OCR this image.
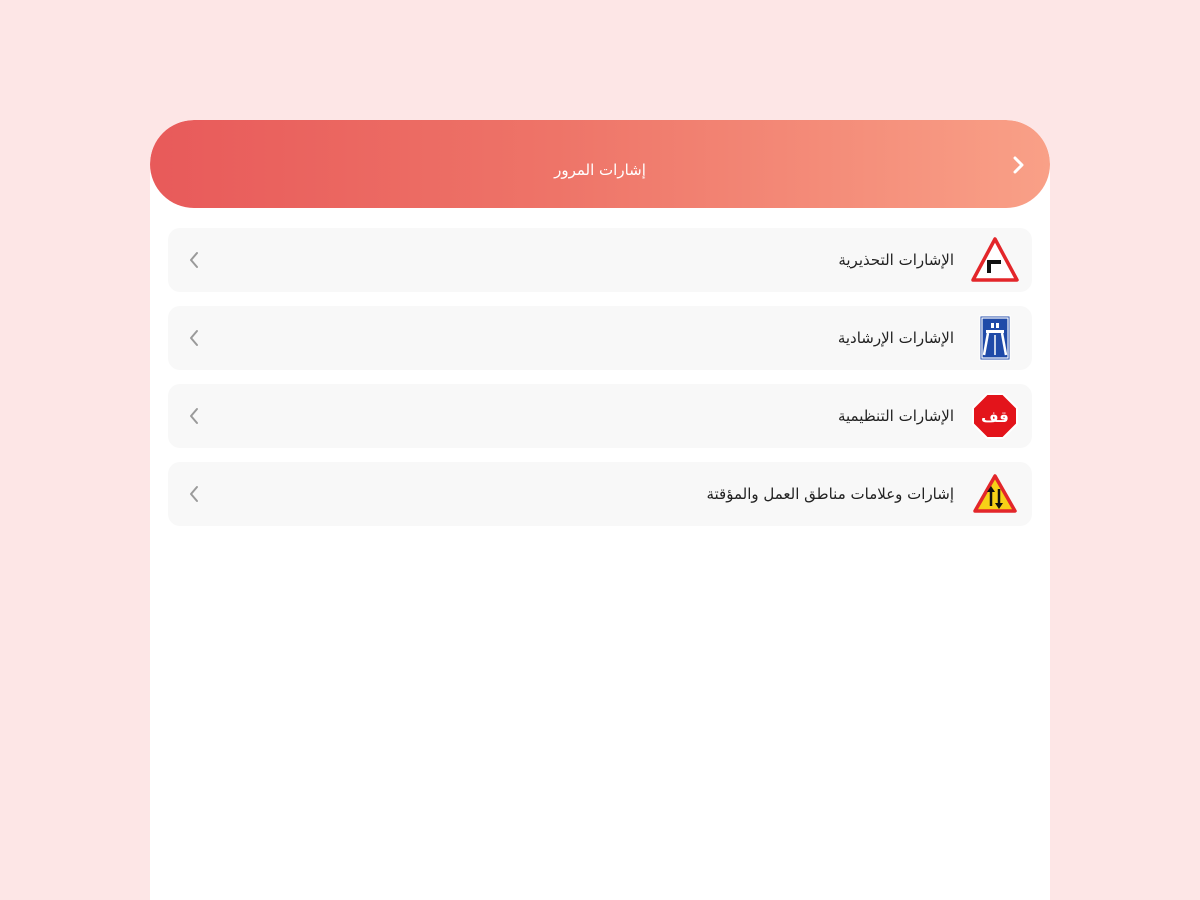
إشارات المرور
الإشارات التحذيرية
الإشارات الإرشادية
قف
الإشارات التنظيمية
إشارات وعلامات مناطق العمل والمؤقتة
